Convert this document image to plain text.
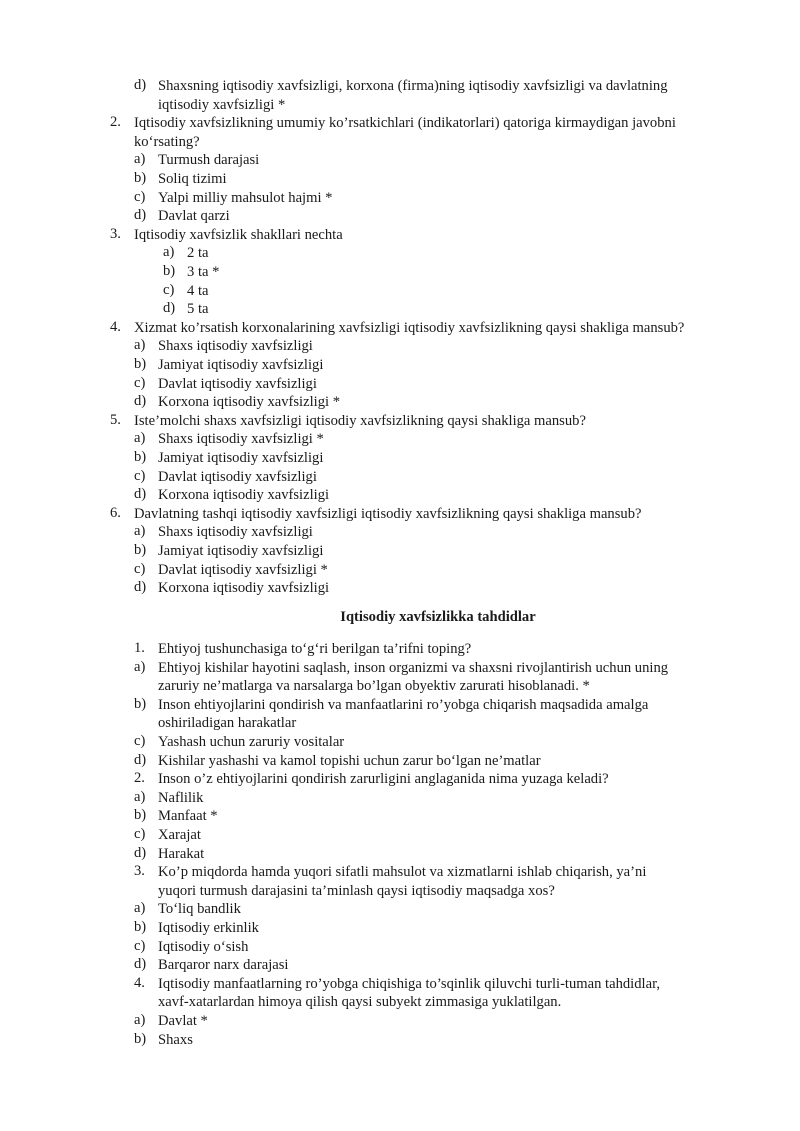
d) Shaxsning iqtisodiy xavfsizligi, korxona (firma)ning iqtisodiy xavfsizligi va davlatning
iqtisodiy xavfsizligi *
2. Iqtisodiy xavfsizlikning umumiy ko’rsatkichlari (indikatorlari) qatoriga kirmaydigan javobni
ko‘rsating?
a) Turmush darajasi
b) Soliq tizimi
c) Yalpi milliy mahsulot hajmi *
d) Davlat qarzi
3. Iqtisodiy xavfsizlik shakllari nechta
a) 2 ta
b) 3 ta *
c) 4 ta
d) 5 ta
4. Xizmat ko’rsatish korxonalarining xavfsizligi iqtisodiy xavfsizlikning qaysi shakliga mansub?
a) Shaxs iqtisodiy xavfsizligi
b) Jamiyat iqtisodiy xavfsizligi
c) Davlat iqtisodiy xavfsizligi
d) Korxona iqtisodiy xavfsizligi *
5. Iste’molchi shaxs xavfsizligi iqtisodiy xavfsizlikning qaysi shakliga mansub?
a) Shaxs iqtisodiy xavfsizligi *
b) Jamiyat iqtisodiy xavfsizligi
c) Davlat iqtisodiy xavfsizligi
d) Korxona iqtisodiy xavfsizligi
6. Davlatning tashqi iqtisodiy xavfsizligi iqtisodiy xavfsizlikning qaysi shakliga mansub?
a) Shaxs iqtisodiy xavfsizligi
b) Jamiyat iqtisodiy xavfsizligi
c) Davlat iqtisodiy xavfsizligi *
d) Korxona iqtisodiy xavfsizligi
Iqtisodiy xavfsizlikka tahdidlar
1. Ehtiyoj tushunchasiga to‘g‘ri berilgan ta’rifni toping?
a) Ehtiyoj kishilar hayotini saqlash, inson organizmi va shaxsni rivojlantirish uchun uning
zaruriy ne’matlarga va narsalarga bo’lgan obyektiv zarurati hisoblanadi. *
b) Inson ehtiyojlarini qondirish va manfaatlarini ro’yobga chiqarish maqsadida amalga
oshiriladigan harakatlar
c) Yashash uchun zaruriy vositalar
d) Kishilar yashashi va kamol topishi uchun zarur bo‘lgan ne’matlar
2. Inson o’z ehtiyojlarini qondirish zarurligini anglaganida nima yuzaga keladi?
a) Naflilik
b) Manfaat *
c) Xarajat
d) Harakat
3. Ko’p miqdorda hamda yuqori sifatli mahsulot va xizmatlarni ishlab chiqarish, ya’ni
yuqori turmush darajasini ta’minlash qaysi iqtisodiy maqsadga xos?
a) To‘liq bandlik
b) Iqtisodiy erkinlik
c) Iqtisodiy o‘sish
d) Barqaror narx darajasi
4. Iqtisodiy manfaatlarning ro’yobga chiqishiga to’sqinlik qiluvchi turli-tuman tahdidlar,
xavf-xatarlardan himoya qilish qaysi subyekt zimmasiga yuklatilgan.
a) Davlat *
b) Shaxs
